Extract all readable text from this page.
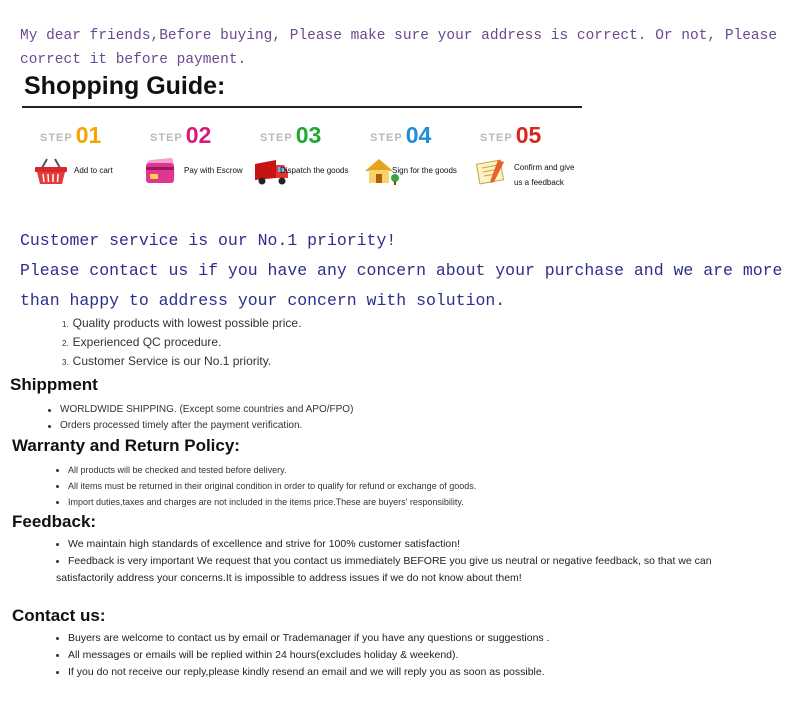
My dear friends,Before buying, Please make sure your address is correct. Or not, Please correct it before payment.
Shopping Guide:
STEP 01
Add to cart
STEP 02
Pay with Escrow
STEP 03
Dispatch the goods
STEP 04
Sign for the goods
STEP 05
Confirm and give us a feedback
Customer service is our No.1 priority!
Please contact us if you have any concern about your purchase and we are more than happy to address your concern with solution.
1. Quality products with lowest possible price.
2. Experienced QC procedure.
3. Customer Service is our No.1 priority.
Shippment
WORLDWIDE SHIPPING. (Except some countries and APO/FPO)
Orders processed timely after the payment verification.
Warranty and Return Policy:
All products will be checked and tested before delivery.
All items must be returned in their original condition in order to qualify for refund or exchange of goods.
Import duties,taxes and charges are not included in the items price.These are buyers' responsibility.
Feedback:
We maintain high standards of excellence and strive for 100% customer satisfaction!
Feedback is very important We request that you contact us immediately BEFORE you give us neutral or negative feedback, so that we can
satisfactorily address your concerns.It is impossible to address issues if we do not know about them!
Contact us:
Buyers are welcome to contact us by email or Trademanager if you have any questions or suggestions .
All messages or emails will be replied within 24 hours(excludes holiday & weekend).
If you do not receive our reply,please kindly resend an email and we will reply you as soon as possible.
